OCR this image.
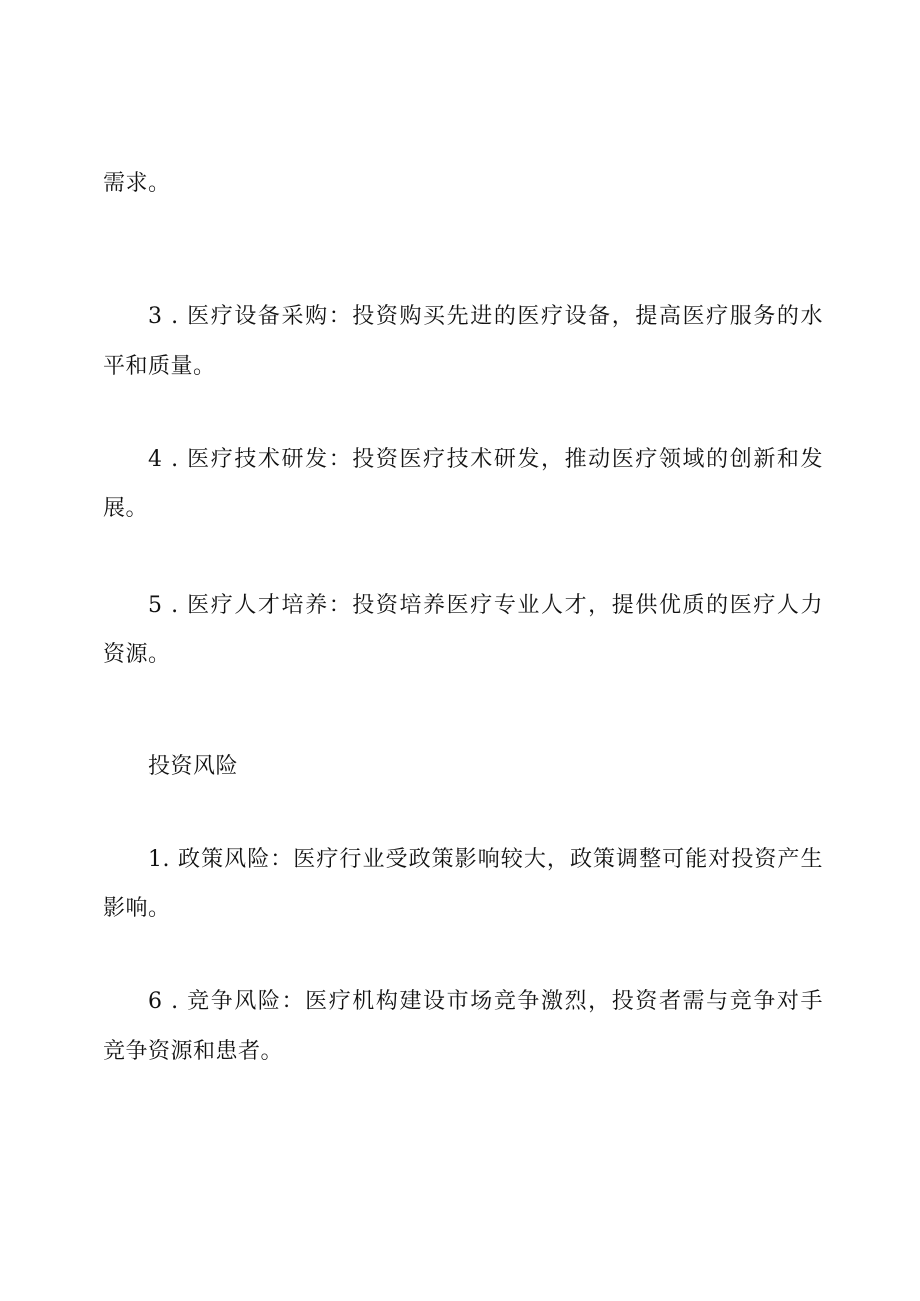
需求。
3 . 医疗设备采购：投资购买先进的医疗设备，提高医疗服务的水
平和质量。
4 . 医疗技术研发：投资医疗技术研发，推动医疗领域的创新和发
展。
5 . 医疗人才培养：投资培养医疗专业人才，提供优质的医疗人力
资源。
投资风险
1. 政策风险：医疗行业受政策影响较大，政策调整可能对投资产生
影响。
6 . 竞争风险：医疗机构建设市场竞争激烈，投资者需与竞争对手
竞争资源和患者。
